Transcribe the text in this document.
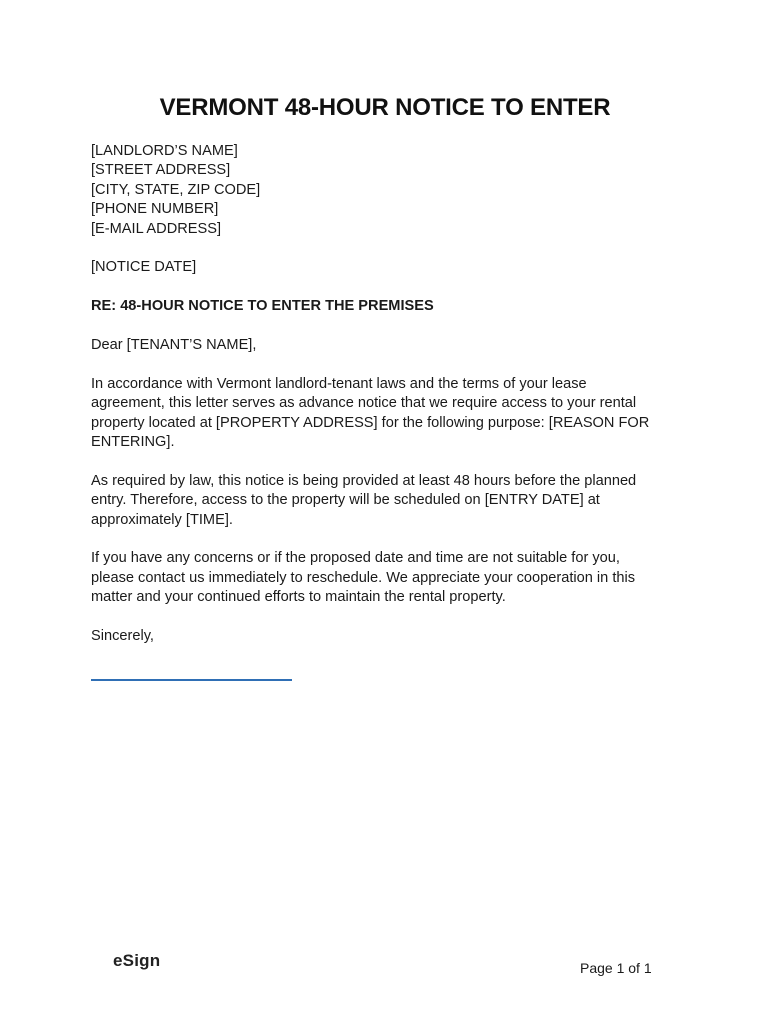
VERMONT 48-HOUR NOTICE TO ENTER
[LANDLORD’S NAME]
[STREET ADDRESS]
[CITY, STATE, ZIP CODE]
[PHONE NUMBER]
[E-MAIL ADDRESS]
[NOTICE DATE]
RE: 48-HOUR NOTICE TO ENTER THE PREMISES
Dear [TENANT’S NAME],
In accordance with Vermont landlord-tenant laws and the terms of your lease
agreement, this letter serves as advance notice that we require access to your rental
property located at [PROPERTY ADDRESS] for the following purpose: [REASON FOR
ENTERING].
As required by law, this notice is being provided at least 48 hours before the planned
entry. Therefore, access to the property will be scheduled on [ENTRY DATE] at
approximately [TIME].
If you have any concerns or if the proposed date and time are not suitable for you,
please contact us immediately to reschedule. We appreciate your cooperation in this
matter and your continued efforts to maintain the rental property.
Sincerely,
eSign	Page 1 of 1
